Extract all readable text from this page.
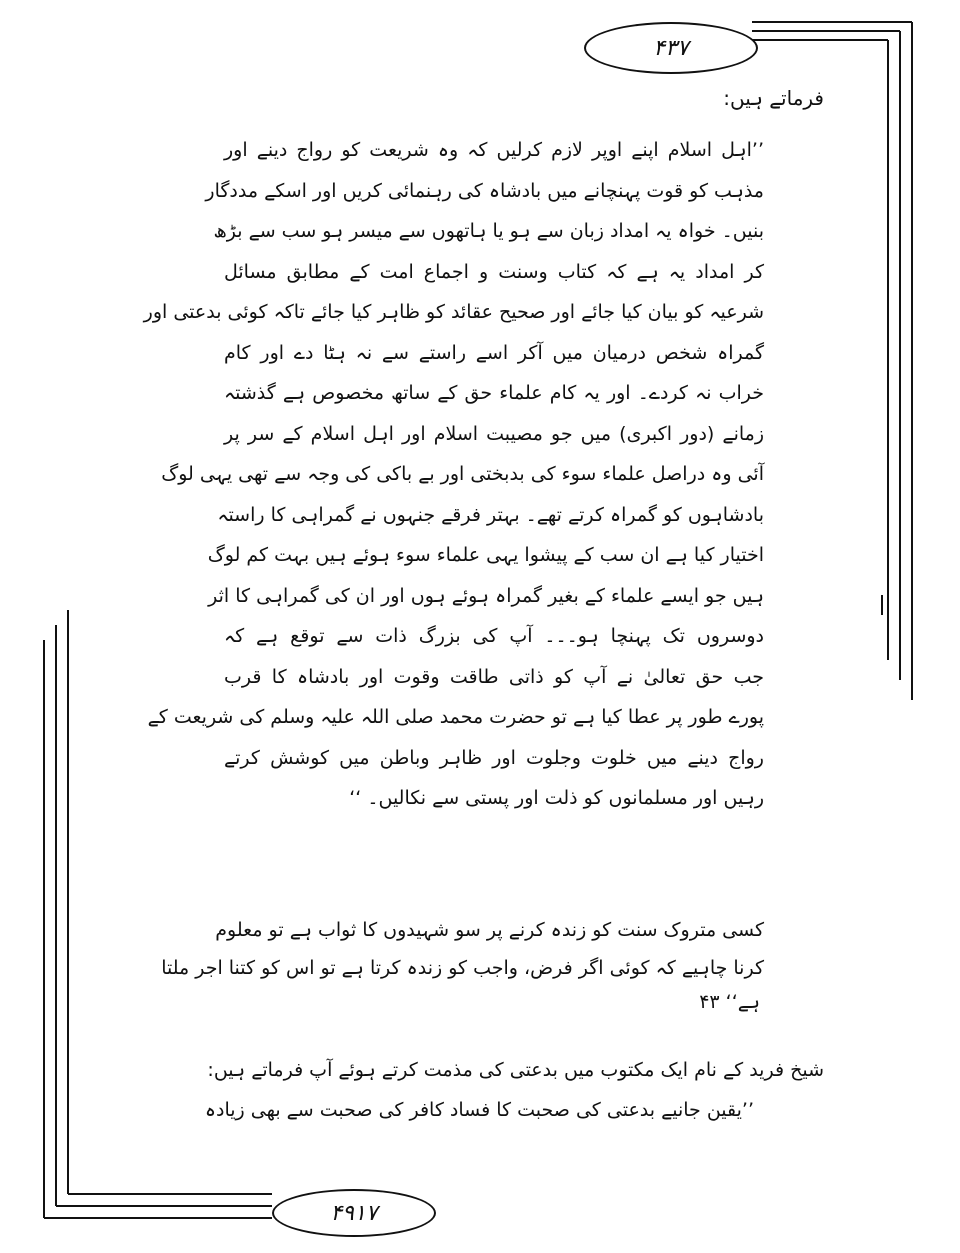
۴۳۷
فرماتے ہیں:
’’اہل اسلام اپنے اوپر لازم کرلیں کہ وہ شریعت کو رواج دینے اور
مذہب کو قوت پہنچانے میں بادشاہ کی رہنمائی کریں اور اسکے مددگار
بنیں۔ خواہ یہ امداد زبان سے ہو یا ہاتھوں سے میسر ہو سب سے بڑھ
کر امداد یہ ہے کہ کتاب وسنت و اجماع امت کے مطابق مسائل
شرعیہ کو بیان کیا جائے اور صحیح عقائد کو ظاہر کیا جائے تاکہ کوئی بدعتی اور
گمراہ شخص درمیان میں آکر اسے راستے سے نہ ہٹا دے اور کام
خراب نہ کردے۔ اور یہ کام علماء حق کے ساتھ مخصوص ہے گذشتہ
زمانے (دور اکبری) میں جو مصیبت اسلام اور اہل اسلام کے سر پر
آئی وہ دراصل علماء سوء کی بدبختی اور بے باکی کی وجہ سے تھی یہی لوگ
بادشاہوں کو گمراہ کرتے تھے۔ بہتر فرقے جنہوں نے گمراہی کا راستہ
اختیار کیا ہے ان سب کے پیشوا یہی علماء سوء ہوئے ہیں بہت کم لوگ
ہیں جو ایسے علماء کے بغیر گمراہ ہوئے ہوں اور ان کی گمراہی کا اثر
دوسروں تک پہنچا ہو۔۔۔ آپ کی بزرگ ذات سے توقع ہے کہ
جب حق تعالیٰ نے آپ کو ذاتی طاقت وقوت اور بادشاہ کا قرب
پورے طور پر عطا کیا ہے تو حضرت محمد صلی اللہ علیہ وسلم کی شریعت کے
رواج دینے میں خلوت وجلوت اور ظاہر وباطن میں کوشش کرتے
رہیں اور مسلمانوں کو ذلت اور پستی سے نکالیں۔ ‘‘
کسی متروک سنت کو زندہ کرنے پر سو شہیدوں کا ثواب ہے تو معلوم
کرنا چاہیے کہ کوئی اگر فرض، واجب کو زندہ کرتا ہے تو اس کو کتنا اجر ملتا
ہے‘‘ ۴۳
شیخ فرید کے نام ایک مکتوب میں بدعتی کی مذمت کرتے ہوئے آپ فرماتے ہیں:
’’یقین جانیے بدعتی کی صحبت کا فساد کافر کی صحبت سے بھی زیادہ
۴۹۱۷
